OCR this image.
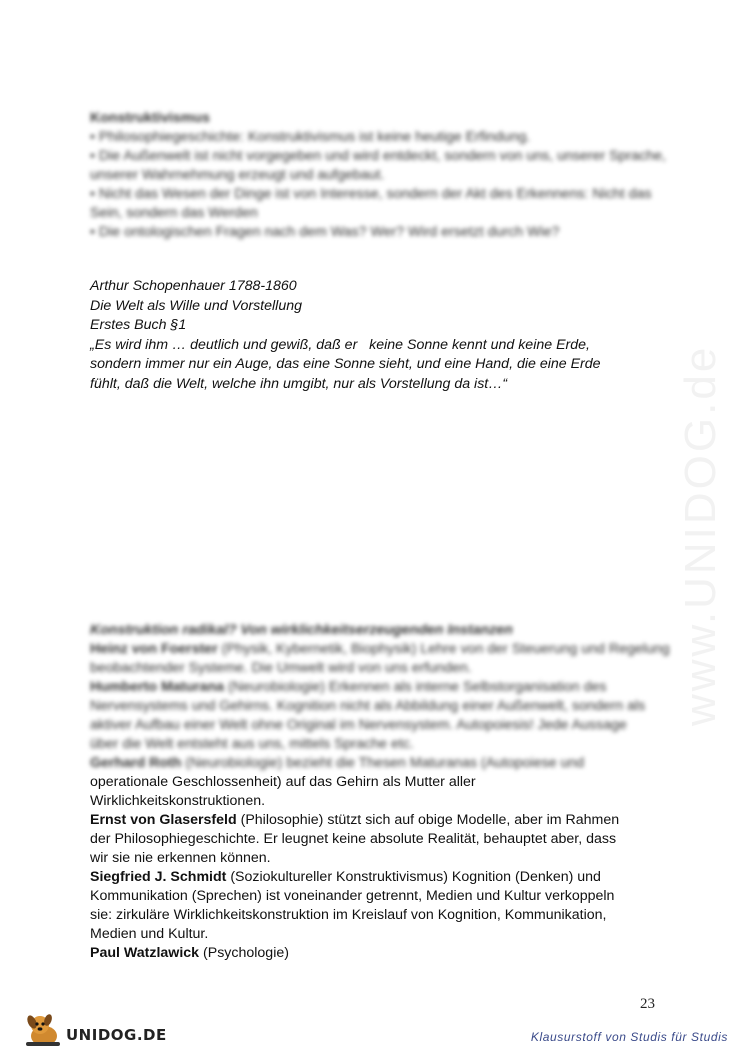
www.UNIDOG.de

Konstruktivismus

• Philosophiegeschichte: Konstruktivismus ist keine heutige Erfindung.

• Die Außenwelt ist nicht vorgegeben und wird entdeckt, sondern von uns, unserer Sprache,

unserer Wahrnehmung erzeugt und aufgebaut.

• Nicht das Wesen der Dinge ist von Interesse, sondern der Akt des Erkennens: Nicht das Sein, sondern das Werden

• Die ontologischen Fragen nach dem Was? Wer? Wird ersetzt durch Wie?

Arthur Schopenhauer 1788-1860

Die Welt als Wille und Vorstellung

Erstes Buch §1

„Es wird ihm … deutlich und gewiß, daß er   keine Sonne kennt und keine Erde,

sondern immer nur ein Auge, das eine Sonne sieht, und eine Hand, die eine Erde

fühlt, daß die Welt, welche ihn umgibt, nur als Vorstellung da ist…“

Konstruktion radikal? Von wirklichkeitserzeugenden Instanzen

Heinz von Foerster (Physik, Kybernetik, Biophysik) Lehre von der Steuerung und Regelung beobachtender Systeme. Die Umwelt wird von uns erfunden.

Humberto Maturana (Neurobiologie) Erkennen als interne Selbstorganisation des Nervensystems und Gehirns. Kognition nicht als Abbildung einer Außenwelt, sondern als aktiver Aufbau einer Welt ohne Original im Nervensystem. Autopoiesis! Jede Aussage

über die Welt entsteht aus uns, mittels Sprache etc.

Gerhard Roth (Neurobiologie) bezieht die Thesen Maturanas (Autopoiese und

operationale Geschlossenheit) auf das Gehirn als Mutter aller

Wirklichkeitskonstruktionen.

Ernst von Glasersfeld (Philosophie) stützt sich auf obige Modelle, aber im Rahmen

der Philosophiegeschichte. Er leugnet keine absolute Realität, behauptet aber, dass

wir sie nie erkennen können.

Siegfried J. Schmidt (Soziokultureller Konstruktivismus) Kognition (Denken) und

Kommunikation (Sprechen) ist voneinander getrennt, Medien und Kultur verkoppeln

sie: zirkuläre Wirklichkeitskonstruktion im Kreislauf von Kognition, Kommunikation,

Medien und Kultur.

Paul Watzlawick (Psychologie)

23
UNIDOG.DE	Klausurstoff von Studis für Studis
